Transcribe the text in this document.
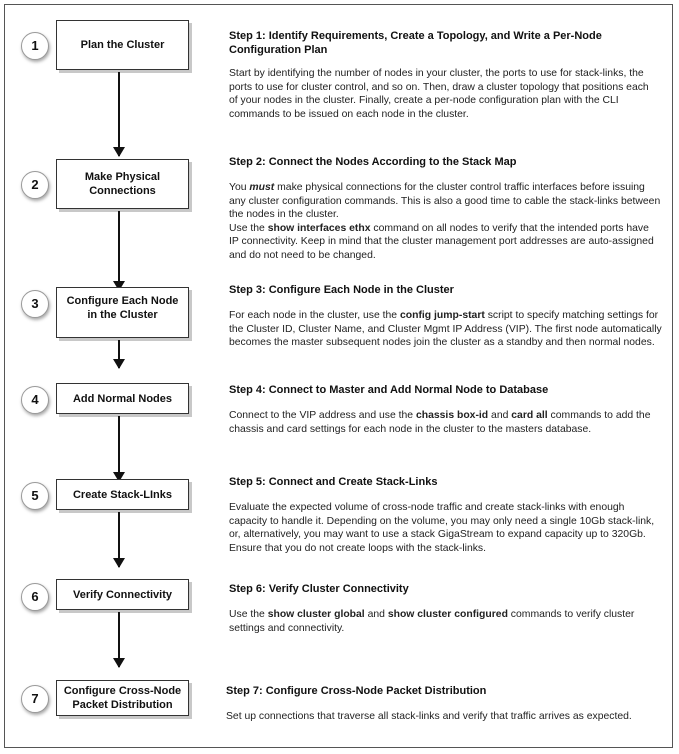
1	Plan the Cluster
Step 1: Identify Requirements, Create a Topology, and Write a Per-Node
Configuration Plan
Start by identifying the number of nodes in your cluster, the ports to use for stack-links, the ports to use for cluster control, and so on. Then, draw a cluster topology that positions each of your nodes in the cluster. Finally, create a per-node configuration plan with the CLI commands to be issued on each node in the cluster.
2	Make Physical Connections
Step 2: Connect the Nodes According to the Stack Map
You must make physical connections for the cluster control traffic interfaces before issuing any cluster configuration commands. This is also a good time to cable the stack-links between the nodes in the cluster.
Use the show interfaces ethx command on all nodes to verify that the intended ports have IP connectivity. Keep in mind that the cluster management port addresses are auto-assigned and do not need to be changed.
3	Configure Each Node in the Cluster
Step 3: Configure Each Node in the Cluster
For each node in the cluster, use the config jump-start script to specify matching settings for the Cluster ID, Cluster Name, and Cluster Mgmt IP Address (VIP). The first node automatically becomes the master subsequent nodes join the cluster as a standby and then normal nodes.
4	Add Normal Nodes
Step 4: Connect to Master and Add Normal Node to Database
Connect to the VIP address and use the chassis box-id and card all commands to add the chassis and card settings for each node in the cluster to the masters database.
5	Create Stack-LInks
Step 5: Connect and Create Stack-Links
Evaluate the expected volume of cross-node traffic and create stack-links with enough capacity to handle it. Depending on the volume, you may only need a single 10Gb stack-link, or, alternatively, you may want to use a stack GigaStream to expand capacity up to 320Gb. Ensure that you do not create loops with the stack-links.
6	Verify Connectivity	Step 6: Verify Cluster Connectivity
Use the show cluster global and show cluster configured commands to verify cluster settings and connectivity.
7	Configure Cross-Node Packet Distribution
Step 7: Configure Cross-Node Packet Distribution
Set up connections that traverse all stack-links and verify that traffic arrives as expected.
